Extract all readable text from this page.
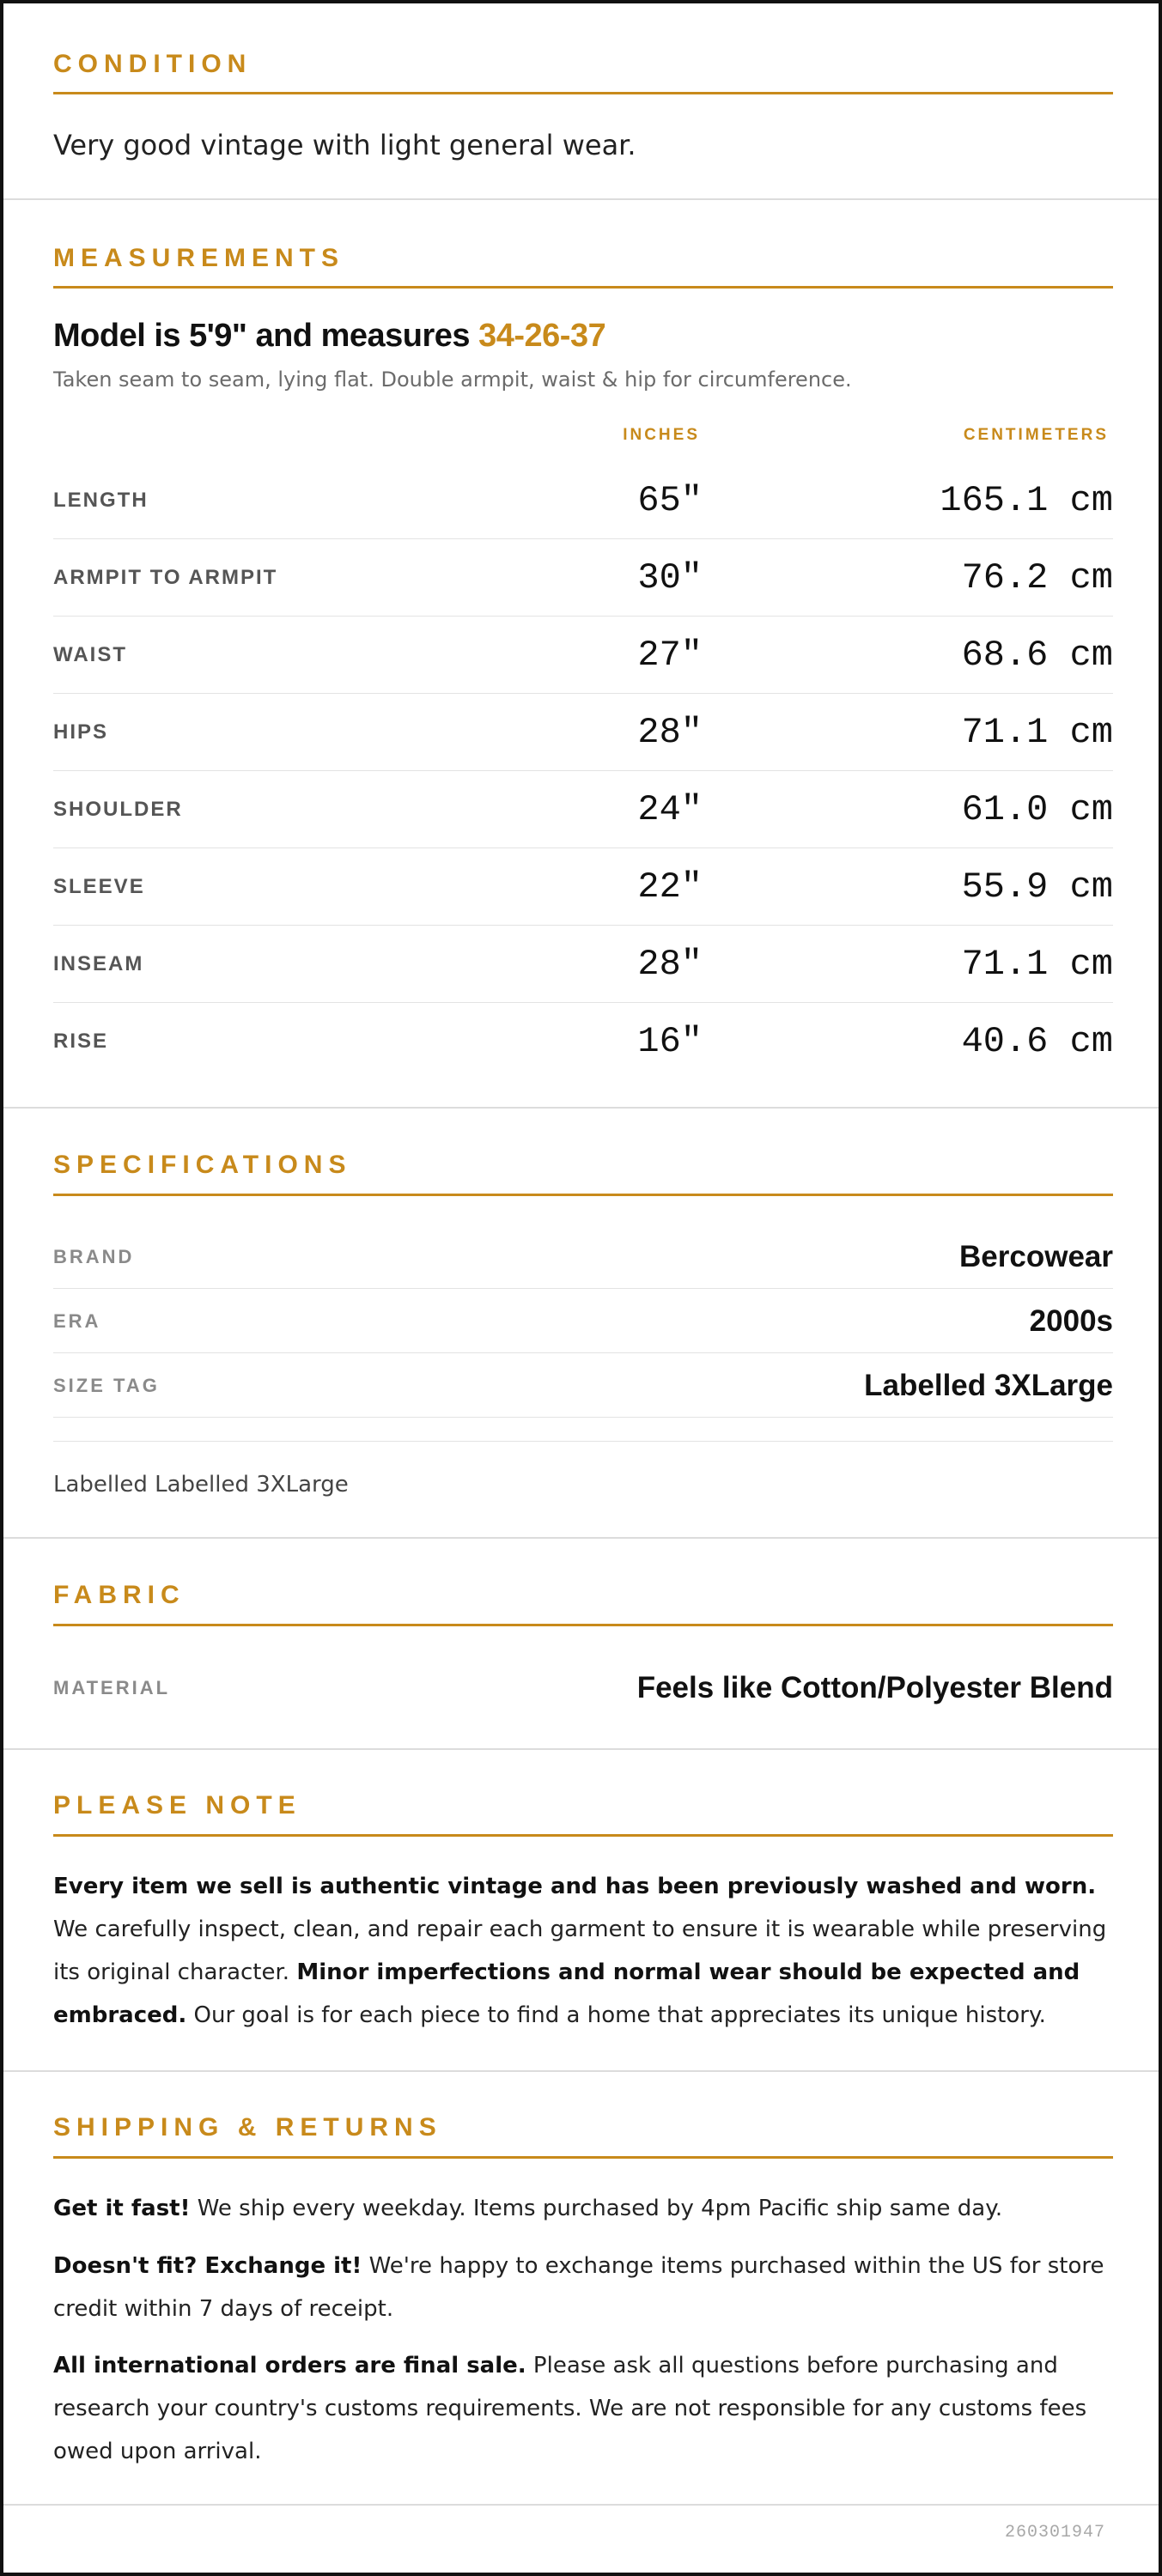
CONDITION
Very good vintage with light general wear.
MEASUREMENTS
Model is 5'9" and measures 34-26-37
Taken seam to seam, lying flat. Double armpit, waist & hip for circumference.
INCHES	CENTIMETERS
LENGTH	65"	165.1 cm
ARMPIT TO ARMPIT	30"	76.2 cm
WAIST	27"	68.6 cm
HIPS	28"	71.1 cm
SHOULDER	24"	61.0 cm
SLEEVE	22"	55.9 cm
INSEAM	28"	71.1 cm
RISE	16"	40.6 cm
SPECIFICATIONS
BRAND	Bercowear
ERA	2000s
SIZE TAG	Labelled 3XLarge
Labelled Labelled 3XLarge
FABRIC
MATERIAL	Feels like Cotton/Polyester Blend
PLEASE NOTE
Every item we sell is authentic vintage and has been previously washed and worn. We carefully inspect, clean, and repair each garment to ensure it is wearable while preserving its original character. Minor imperfections and normal wear should be expected and embraced. Our goal is for each piece to find a home that appreciates its unique history.
SHIPPING & RETURNS
Get it fast! We ship every weekday. Items purchased by 4pm Pacific ship same day.
Doesn't fit? Exchange it! We're happy to exchange items purchased within the US for store credit within 7 days of receipt.
All international orders are final sale. Please ask all questions before purchasing and research your country's customs requirements. We are not responsible for any customs fees owed upon arrival.
260301947
